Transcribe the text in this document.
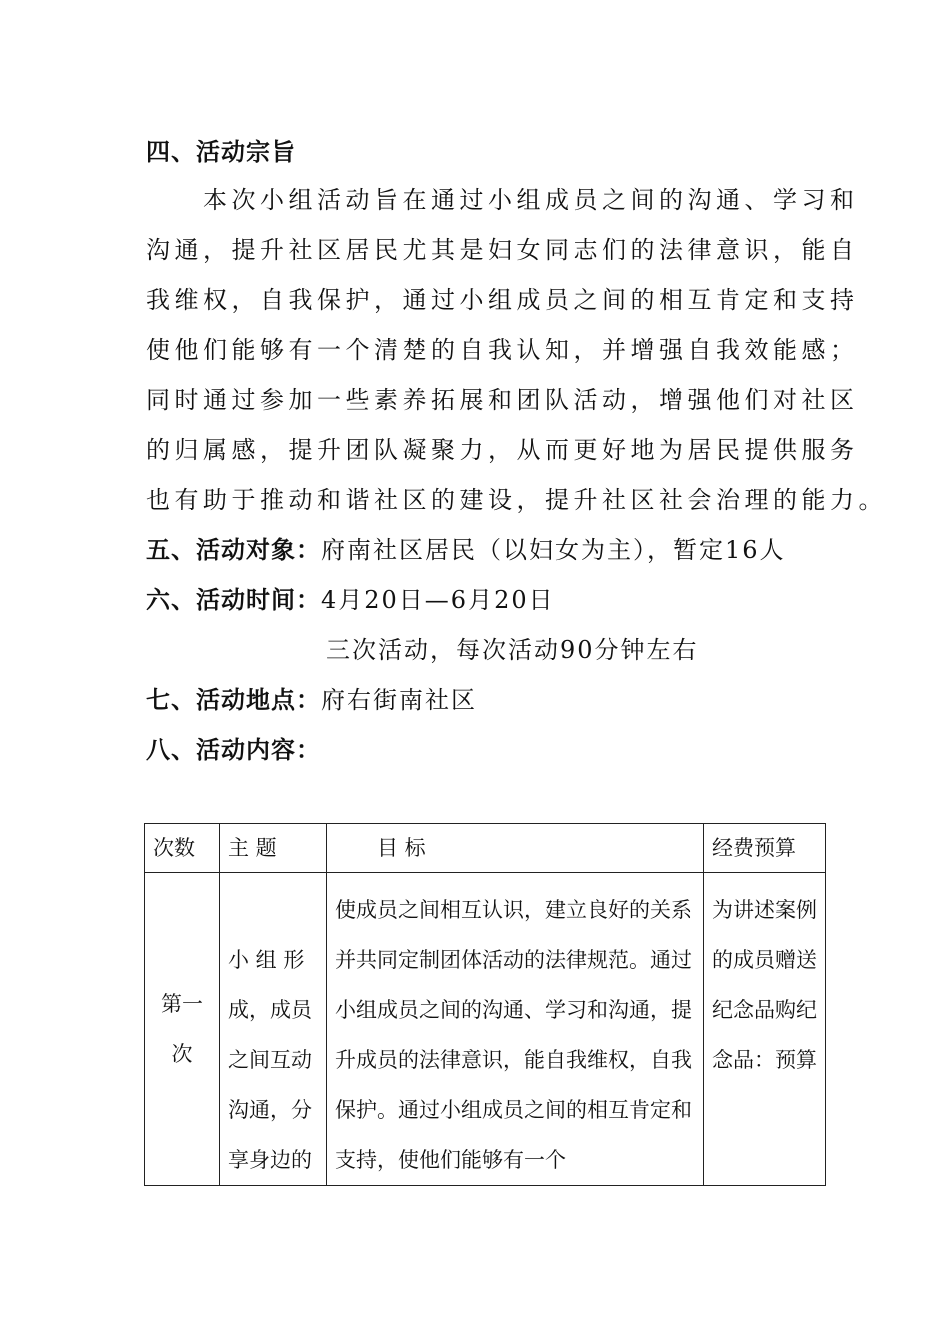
四、活动宗旨
　　本次小组活动旨在通过小组成员之间的沟通、学习和
沟通，提升社区居民尤其是妇女同志们的法律意识，能自
我维权，自我保护，通过小组成员之间的相互肯定和支持
使他们能够有一个清楚的自我认知，并增强自我效能感；
同时通过参加一些素养拓展和团队活动，增强他们对社区
的归属感，提升团队凝聚力，从而更好地为居民提供服务
也有助于推动和谐社区的建设，提升社区社会治理的能力。
五、活动对象：府南社区居民（以妇女为主），暂定16人
六、活动时间：4月20日—6月20日
三次活动，每次活动90分钟左右
七、活动地点：府右街南社区
八、活动内容：
次数	主 题	　　目 标	经费预算

第一次	小 组 形成，成员之间互动沟通，分享身边的	使成员之间相互认识，建立良好的关系并共同定制团体活动的法律规范。通过小组成员之间的沟通、学习和沟通，提升成员的法律意识，能自我维权，自我保护。通过小组成员之间的相互肯定和支持，使他们能够有一个	为讲述案例的成员赠送纪念品购纪念品：预算
